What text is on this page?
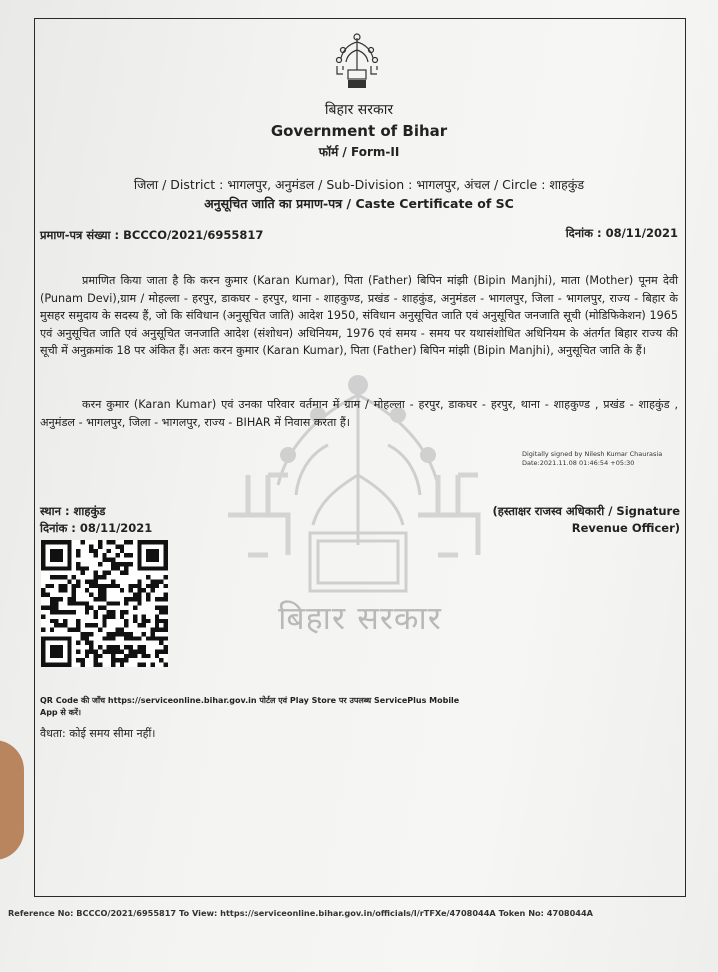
बिहार सरकार
बिहार सरकार
Government of Bihar
फॉर्म / Form-II
जिला / District : भागलपुर, अनुमंडल / Sub-Division : भागलपुर, अंचल / Circle : शाहकुंड
अनुसूचित जाति का प्रमाण-पत्र / Caste Certificate of SC
प्रमाण-पत्र संख्या : BCCCO/2021/6955817	दिनांक : 08/11/2021

प्रमाणित किया जाता है कि करन कुमार (Karan Kumar), पिता (Father) बिपिन मांझी (Bipin Manjhi), माता (Mother) पूनम देवी (Punam Devi),ग्राम / मोहल्ला - हरपुर, डाकघर - हरपुर, थाना - शाहकुण्ड, प्रखंड - शाहकुंड, अनुमंडल - भागलपुर, जिला - भागलपुर, राज्य - बिहार के मुसहर समुदाय के सदस्य हैं, जो कि संविधान (अनुसूचित जाति) आदेश 1950, संविधान अनुसूचित जाति एवं अनुसूचित जनजाति सूची (मोडिफिकेशन) 1965 एवं अनुसूचित जाति एवं अनुसूचित जनजाति आदेश (संशोधन) अधिनियम, 1976 एवं समय - समय पर यथासंशोधित अधिनियम के अंतर्गत बिहार राज्य की सूची में अनुक्रमांक 18 पर अंकित हैं। अतः करन कुमार (Karan Kumar), पिता (Father) बिपिन मांझी (Bipin Manjhi), अनुसूचित जाति के हैं।

करन कुमार (Karan Kumar) एवं उनका परिवार वर्तमान में ग्राम / मोहल्ला - हरपुर, डाकघर - हरपुर, थाना - शाहकुण्ड , प्रखंड - शाहकुंड , अनुमंडल - भागलपुर, जिला - भागलपुर, राज्य - BIHAR में निवास करता हैं।

Digitally signed by Nilesh Kumar Chaurasia
Date:2021.11.08 01:46:54 +05:30
स्थान : शाहकुंड
दिनांक : 08/11/2021
(हस्ताक्षर राजस्व अधिकारी / Signature
Revenue Officer)
QR Code की जाँच https://serviceonline.bihar.gov.in पोर्टल एवं Play Store पर उपलब्ध ServicePlus Mobile App से करें।
वैधता: कोई समय सीमा नहीं।
Reference No: BCCCO/2021/6955817 To View: https://serviceonline.bihar.gov.in/officials/l/rTFXe/4708044A Token No: 4708044A
